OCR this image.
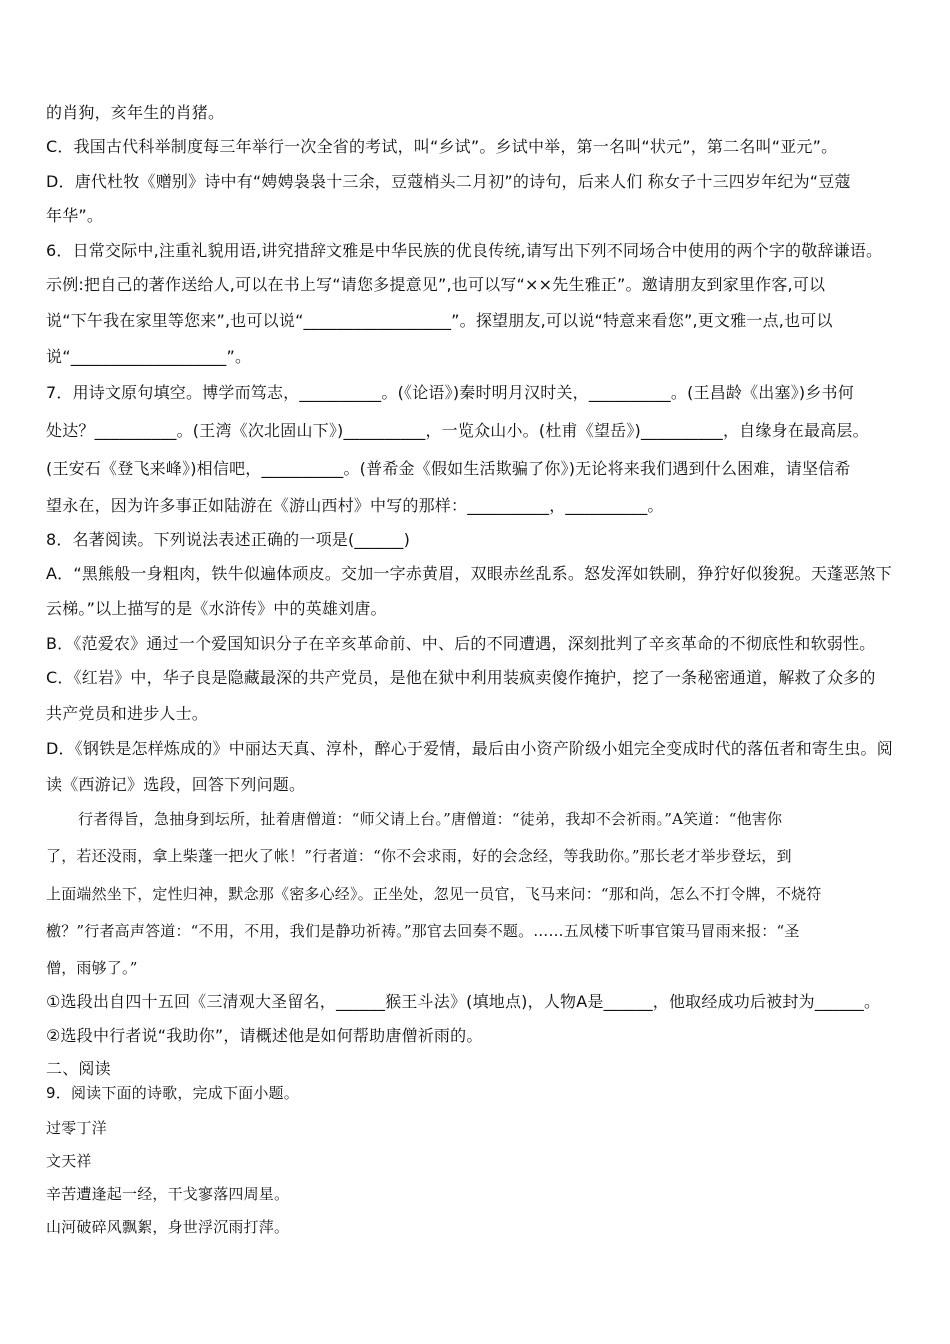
的肖狗，亥年生的肖猪。
C．我国古代科举制度每三年举行一次全省的考试，叫“乡试”。乡试中举，第一名叫“状元”，第二名叫“亚元”。
D．唐代杜牧《赠别》诗中有“娉娉袅袅十三余，豆蔻梢头二月初”的诗句，后来人们 称女子十三四岁年纪为“豆蔻
年华”。
6．日常交际中,注重礼貌用语,讲究措辞文雅是中华民族的优良传统,请写出下列不同场合中使用的两个字的敬辞谦语。
示例:把自己的著作送给人,可以在书上写“请您多提意见”,也可以写“××先生雅正”。邀请朋友到家里作客,可以
说“下午我在家里等您来”,也可以说“__________________”。探望朋友,可以说“特意来看您”,更文雅一点,也可以
说“___________________”。
7．用诗文原句填空。博学而笃志，__________。(《论语》)秦时明月汉时关，__________。(王昌龄《出塞》)乡书何
处达？__________。(王湾《次北固山下》)__________，一览众山小。(杜甫《望岳》)__________，自缘身在最高层。
(王安石《登飞来峰》)相信吧，__________。(普希金《假如生活欺骗了你》)无论将来我们遇到什么困难，请坚信希
望永在，因为许多事正如陆游在《游山西村》中写的那样：__________，__________。
8．名著阅读。下列说法表述正确的一项是(______)
A．“黑熊般一身粗肉，铁牛似遍体顽皮。交加一字赤黄眉，双眼赤丝乱系。怒发浑如铁刷，狰狞好似狻猊。天蓬恶煞下
云梯。”以上描写的是《水浒传》中的英雄刘唐。
B．《范爱农》通过一个爱国知识分子在辛亥革命前、中、后的不同遭遇，深刻批判了辛亥革命的不彻底性和软弱性。
C．《红岩》中，华子良是隐藏最深的共产党员，是他在狱中利用装疯卖傻作掩护，挖了一条秘密通道，解救了众多的
共产党员和进步人士。
D．《钢铁是怎样炼成的》中丽达天真、淳朴，醉心于爱情，最后由小资产阶级小姐完全变成时代的落伍者和寄生虫。阅
读《西游记》选段，回答下列问题。
行者得旨，急抽身到坛所，扯着唐僧道：“师父请上台。”唐僧道：“徒弟，我却不会祈雨。”A笑道：“他害你
了，若还没雨，拿上柴蓬一把火了帐！”行者道：“你不会求雨，好的会念经，等我助你。”那长老才举步登坛，到
上面端然坐下，定性归神，默念那《密多心经》。正坐处，忽见一员官，飞马来问：“那和尚，怎么不打令牌，不烧符
檄？”行者高声答道：“不用，不用，我们是静功祈祷。”那官去回奏不题。……五凤楼下听事官策马冒雨来报：“圣
僧，雨够了。”
①选段出自四十五回《三清观大圣留名，______猴王斗法》(填地点)，人物A是______，他取经成功后被封为______。
②选段中行者说“我助你”，请概述他是如何帮助唐僧祈雨的。
二、阅读
9．阅读下面的诗歌，完成下面小题。
过零丁洋
文天祥
辛苦遭逢起一经，干戈寥落四周星。
山河破碎风飘絮，身世浮沉雨打萍。
